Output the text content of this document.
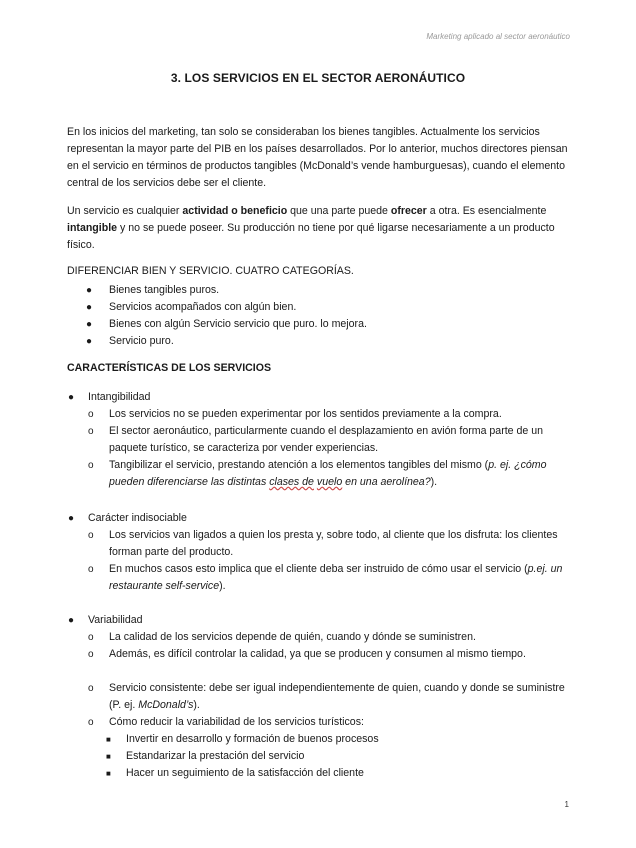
Marketing aplicado al sector aeronáutico
3. LOS SERVICIOS EN EL SECTOR AERONÁUTICO
En los inicios del marketing, tan solo se consideraban los bienes tangibles. Actualmente los servicios representan la mayor parte del PIB en los países desarrollados. Por lo anterior, muchos directores piensan en el servicio en términos de productos tangibles (McDonald’s vende hamburguesas), cuando el elemento central de los servicios debe ser el cliente.
Un servicio es cualquier actividad o beneficio que una parte puede ofrecer a otra. Es esencialmente intangible y no se puede poseer. Su producción no tiene por qué ligarse necesariamente a un producto físico.
DIFERENCIAR BIEN Y SERVICIO. CUATRO CATEGORÍAS.
● Bienes tangibles puros.
● Servicios acompañados con algún bien.
● Bienes con algún Servicio servicio que puro. lo mejora.
● Servicio puro.
CARACTERÍSTICAS DE LOS SERVICIOS
● Intangibilidad
o Los servicios no se pueden experimentar por los sentidos previamente a la compra.
o El sector aeronáutico, particularmente cuando el desplazamiento en avión forma parte de un paquete turístico, se caracteriza por vender experiencias.
o Tangibilizar el servicio, prestando atención a los elementos tangibles del mismo (p. ej. ¿cómo pueden diferenciarse las distintas clases de vuelo en una aerolínea?).
● Carácter indisociable
o Los servicios van ligados a quien los presta y, sobre todo, al cliente que los disfruta: los clientes forman parte del producto.
o En muchos casos esto implica que el cliente deba ser instruido de cómo usar el servicio (p.ej. un restaurante self-service).
● Variabilidad
o La calidad de los servicios depende de quién, cuando y dónde se suministren.
o Además, es difícil controlar la calidad, ya que se producen y consumen al mismo tiempo.
o Servicio consistente: debe ser igual independientemente de quien, cuando y donde se suministre (P. ej. McDonald’s).
o Cómo reducir la variabilidad de los servicios turísticos:
■ Invertir en desarrollo y formación de buenos procesos
■ Estandarizar la prestación del servicio
■ Hacer un seguimiento de la satisfacción del cliente
1
